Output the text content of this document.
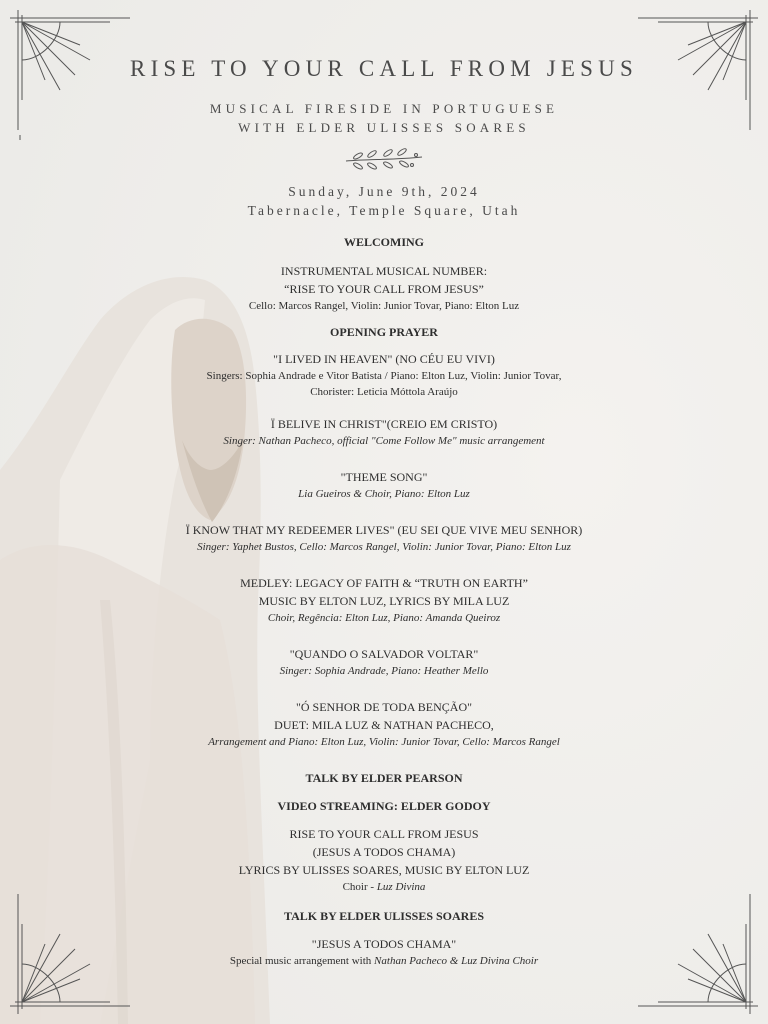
RISE TO YOUR CALL FROM JESUS
MUSICAL FIRESIDE IN PORTUGUESE
WITH ELDER ULISSES SOARES
Sunday, June 9th, 2024
Tabernacle, Temple Square, Utah
WELCOMING
INSTRUMENTAL MUSICAL NUMBER:
“RISE TO YOUR CALL FROM JESUS”
Cello: Marcos Rangel, Violin: Junior Tovar, Piano: Elton Luz
OPENING PRAYER
"I LIVED IN HEAVEN" (NO CÉU EU VIVI)
Singers: Sophia Andrade e Vitor Batista / Piano: Elton Luz, Violin: Junior Tovar,
Chorister: Leticia Móttola Araújo
Ï BELIVE IN CHRIST"(CREIO EM CRISTO)
Singer: Nathan Pacheco, official "Come Follow Me" music arrangement
"THEME SONG"
Lia Gueiros & Choir, Piano: Elton Luz
Ï KNOW THAT MY REDEEMER LIVES" (EU SEI QUE VIVE MEU SENHOR)
Singer: Yaphet Bustos, Cello: Marcos Rangel, Violin: Junior Tovar, Piano: Elton Luz
MEDLEY: LEGACY OF FAITH & “TRUTH ON EARTH”
MUSIC BY ELTON LUZ, LYRICS BY MILA LUZ
Choir, Regência: Elton Luz, Piano: Amanda Queiroz
"QUANDO O SALVADOR VOLTAR"
Singer: Sophia Andrade, Piano: Heather Mello
"Ó SENHOR DE TODA BENÇÃO"
DUET: MILA LUZ & NATHAN PACHECO,
Arrangement and Piano: Elton Luz, Violin: Junior Tovar, Cello: Marcos Rangel
TALK BY ELDER PEARSON
VIDEO STREAMING: ELDER GODOY
RISE TO YOUR CALL FROM JESUS
(JESUS A TODOS CHAMA)
LYRICS BY ULISSES SOARES, MUSIC BY ELTON LUZ
Choir - Luz Divina
TALK BY ELDER ULISSES SOARES
"JESUS A TODOS CHAMA"
Special music arrangement with Nathan Pacheco & Luz Divina Choir
